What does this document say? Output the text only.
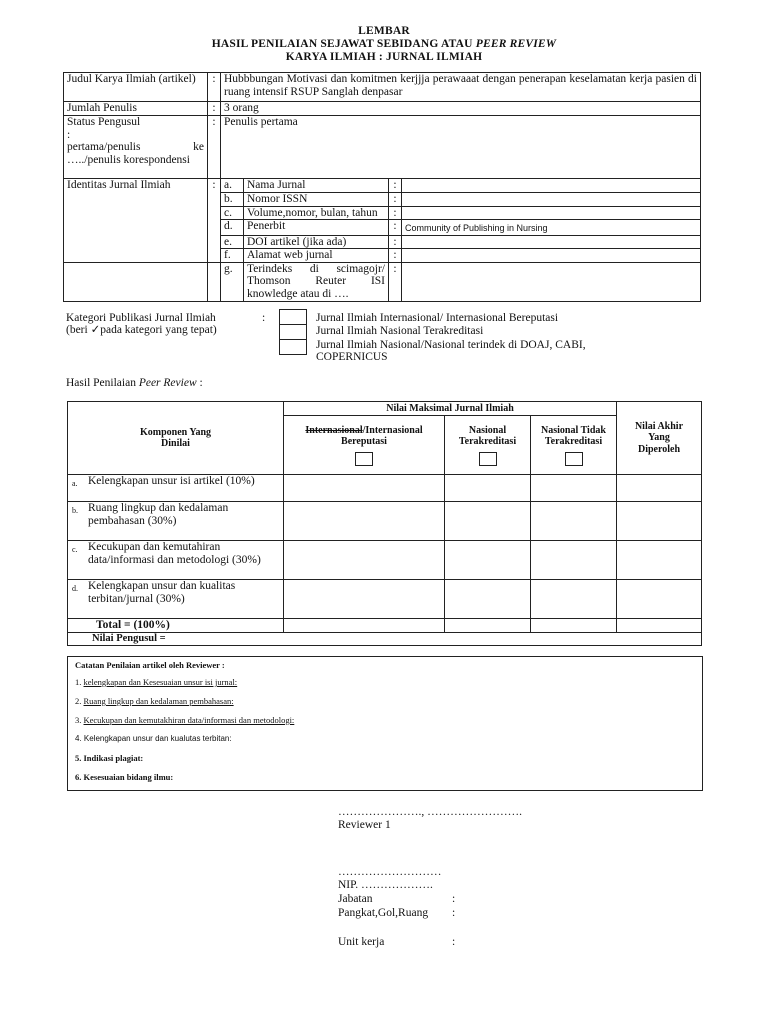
LEMBAR
HASIL PENILAIAN SEJAWAT SEBIDANG ATAU PEER REVIEW
KARYA ILMIAH : JURNAL ILMIAH
Judul Karya Ilmiah (artikel)	:	Hubbbungan Motivasi dan komitmen kerjjja perawaaat dengan penerapan keselamatan kerja pasien di ruang intensif RSUP Sanglah denpasar			
Jumlah Penulis	:	3 orang			

Status Pengusul
:
pertama/penulis ke …../penulis korespondensi	:	Penulis pertama			
Identitas Jurnal Ilmiah	:	a.	Nama Jurnal	:	
		b.	Nomor ISSN	:	
		c.	Volume,nomor, bulan, tahun	:	
		d.	Penerbit	:	Community of Publishing in Nursing
		e.	DOI artikel (jika ada)	:	
		f.	Alamat web jurnal	:	
		g.	Terindeks di scimagojr/ Thomson Reuter ISI knowledge atau di ….	:	
Kategori Publikasi Jurnal Ilmiah
(beri ✓pada kategori yang tepat)
:	Jurnal Ilmiah Internasional/ Internasional Bereputasi
Jurnal Ilmiah Nasional Terakreditasi
Jurnal Ilmiah Nasional/Nasional terindek di DOAJ, CABI, COPERNICUS
Hasil Penilaian Peer Review :
Komponen Yang Dinilai	Nilai Maksimal Jurnal Ilmiah			Nilai Akhir Yang Diperoleh
	Internasional/Internasional Bereputasi	Nasional Terakreditasi	Nasional Tidak Terakreditasi	

a. Kelengkapan unsur isi artikel (10%)				

b. Ruang lingkup dan kedalaman pembahasan (30%)				

c. Kecukupan dan kemutahiran data/informasi dan metodologi (30%)				

d. Kelengkapan unsur dan kualitas terbitan/jurnal (30%)				
Total = (100%)				
Nilai Pengusul =				
Catatan Penilaian artikel oleh Reviewer :
1. kelengkapan dan Kesesuaian unsur isi jurnal:
2. Ruang lingkup dan kedalaman pembahasan:
3. Kecukupan dan kemutakhiran data/informasi dan metodologi:
4. Kelengkapan unsur dan kualutas terbitan:
5. Indikasi plagiat:
6. Kesesuaian bidang ilmu:
…………………., …………………….
Reviewer 1
………………………
NIP. ……………….
Jabatan	:
Pangkat,Gol,Ruang :
Unit kerja	:
